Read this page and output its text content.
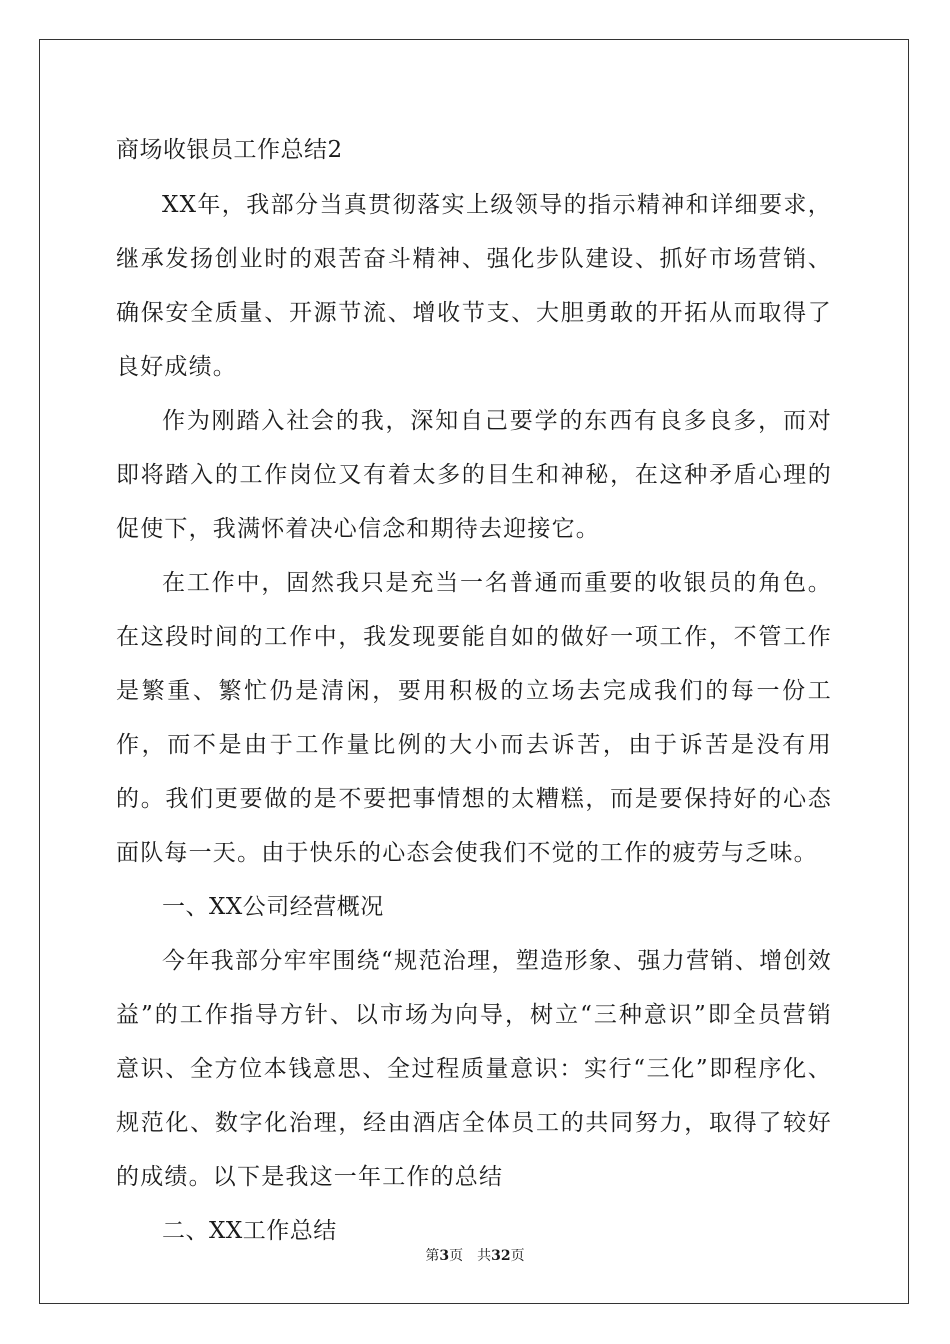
商场收银员工作总结2

XX年，我部分当真贯彻落实上级领导的指示精神和详细要求，继承发扬创业时的艰苦奋斗精神、强化步队建设、抓好市场营销、确保安全质量、开源节流、增收节支、大胆勇敢的开拓从而取得了良好成绩。

作为刚踏入社会的我，深知自己要学的东西有良多良多，而对即将踏入的工作岗位又有着太多的目生和神秘，在这种矛盾心理的促使下，我满怀着决心信念和期待去迎接它。

在工作中，固然我只是充当一名普通而重要的收银员的角色。在这段时间的工作中，我发现要能自如的做好一项工作，不管工作是繁重、繁忙仍是清闲，要用积极的立场去完成我们的每一份工作，而不是由于工作量比例的大小而去诉苦，由于诉苦是没有用的。我们更要做的是不要把事情想的太糟糕，而是要保持好的心态面队每一天。由于快乐的心态会使我们不觉的工作的疲劳与乏味。

一、XX公司经营概况

今年我部分牢牢围绕“规范治理，塑造形象、强力营销、增创效益”的工作指导方针、以市场为向导，树立“三种意识”即全员营销意识、全方位本钱意思、全过程质量意识：实行“三化”即程序化、规范化、数字化治理，经由酒店全体员工的共同努力，取得了较好的成绩。以下是我这一年工作的总结

二、XX工作总结

第3页 共32页
